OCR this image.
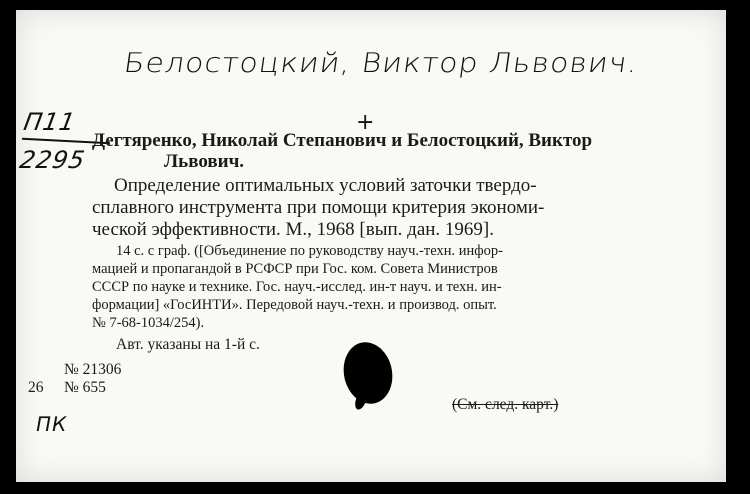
Белостоцкий, Виктор Львович.
П11
2295
+
Дегтяренко, Николай Степанович и Белостоцкий, Виктор
Львович.
Определение оптимальных условий заточки твердо-
сплавного инструмента при помощи критерия экономи-
ческой эффективности. М., 1968 [вып. дан. 1969].
14 с. с граф. ([Объединение по руководству науч.-техн. инфор-
мацией и пропагандой в РСФСР при Гос. ком. Совета Министров
СССР по науке и технике. Гос. науч.-исслед. ин-т науч. и техн. ин-
формации] «ГосИНТИ». Передовой науч.-техн. и производ. опыт.
№ 7-68-1034/254).
Авт. указаны на 1-й с.
№ 21306
26 № 655
(См. след. карт.)
ПК
